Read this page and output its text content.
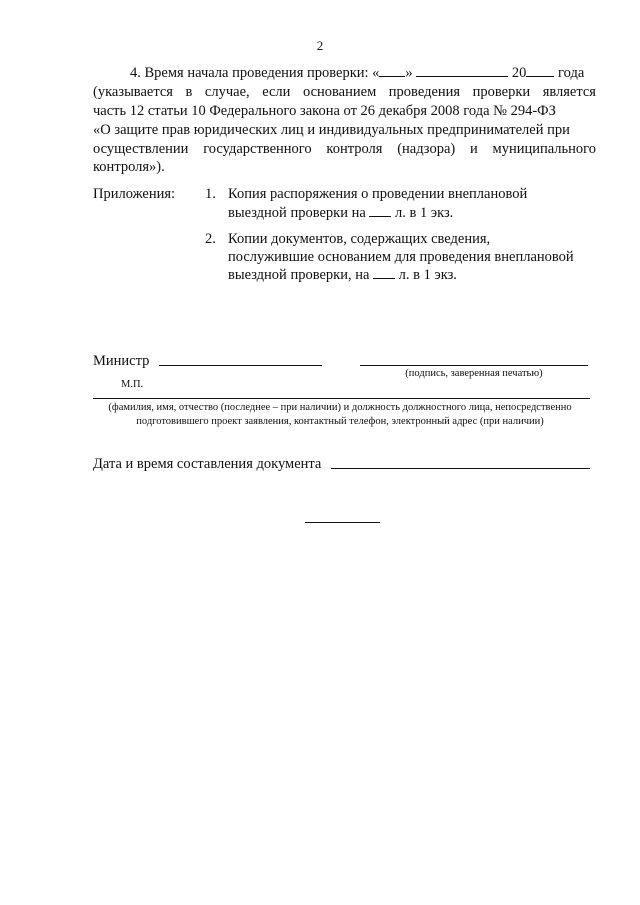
2
4. Время начала проведения проверки: « »	20 года
(указывается в случае, если основанием проведения проверки является
часть 12 статьи 10 Федерального закона от 26 декабря 2008 года № 294-ФЗ
«О защите прав юридических лиц и индивидуальных предпринимателей при
осуществлении государственного контроля (надзора) и муниципального
контроля»).
Приложения: 1. Копия распоряжения о проведении внеплановой
выездной проверки на л. в 1 экз.
2. Копии документов, содержащих сведения,
послужившие основанием для проведения внеплановой
выездной проверки, на л. в 1 экз.
Министр
(подпись, заверенная печатью)
М.П.
(фамилия, имя, отчество (последнее – при наличии) и должность должностного лица, непосредственно
подготовившего проект заявления, контактный телефон, электронный адрес (при наличии)
Дата и время составления документа
